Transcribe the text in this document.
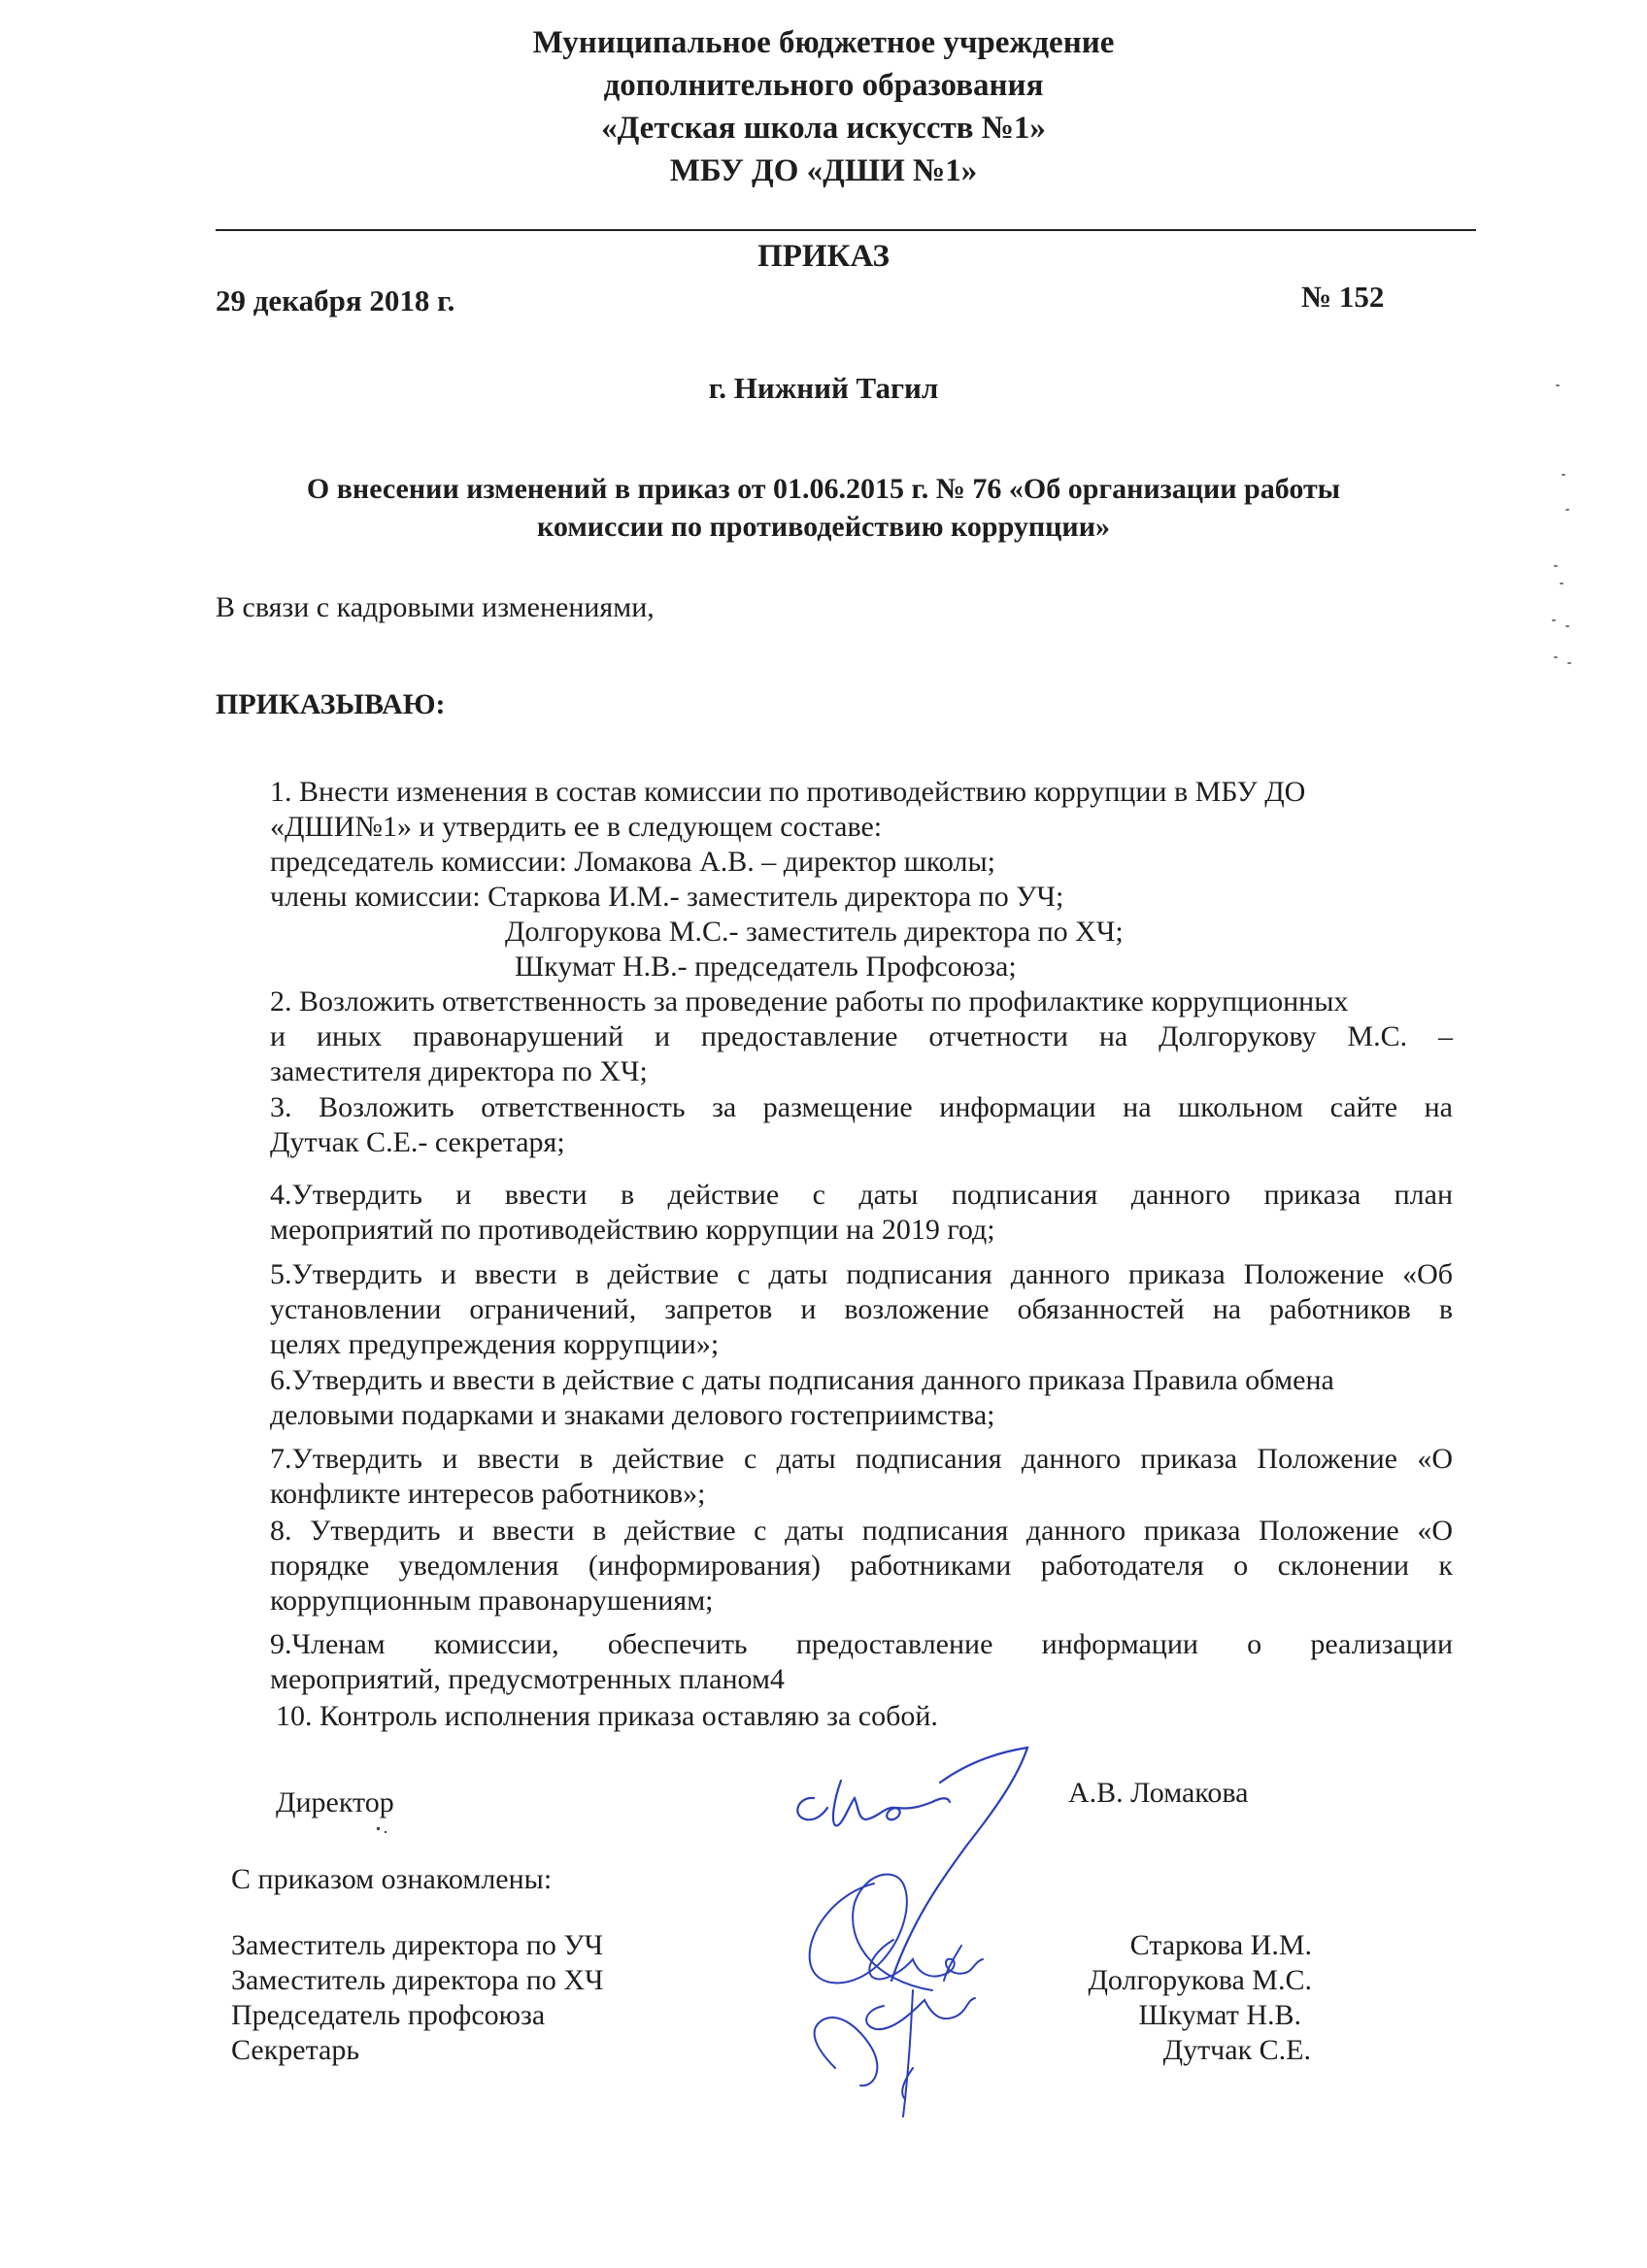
Муниципальное бюджетное учреждение
дополнительного образования
«Детская школа искусств №1»
МБУ ДО «ДШИ №1»
ПРИКАЗ
29 декабря 2018 г.	№ 152
г. Нижний Тагил
О внесении изменений в приказ от 01.06.2015 г. № 76 «Об организации работы
комиссии по противодействию коррупции»
В связи с кадровыми изменениями,
ПРИКАЗЫВАЮ:
1. Внести изменения в состав комиссии по противодействию коррупции в МБУ ДО
«ДШИ№1» и утвердить ее в следующем составе:
председатель комиссии: Ломакова А.В. – директор школы;
члены комиссии: Старкова И.М.- заместитель директора по УЧ;
Долгорукова М.С.- заместитель директора по ХЧ;
Шкумат Н.В.- председатель Профсоюза;
2. Возложить ответственность за проведение работы по профилактике коррупционных
и иных правонарушений и предоставление отчетности на Долгорукову М.С. –
заместителя директора по ХЧ;
3. Возложить ответственность за размещение информации на школьном сайте на
Дутчак С.Е.- секретаря;
4.Утвердить и ввести в действие с даты подписания данного приказа план
мероприятий по противодействию коррупции на 2019 год;
5.Утвердить и ввести в действие с даты подписания данного приказа Положение «Об
установлении ограничений, запретов и возложение обязанностей на работников в
целях предупреждения коррупции»;
6.Утвердить и ввести в действие с даты подписания данного приказа Правила обмена
деловыми подарками и знаками делового гостеприимства;
7.Утвердить и ввести в действие с даты подписания данного приказа Положение «О
конфликте интересов работников»;
8. Утвердить и ввести в действие с даты подписания данного приказа Положение «О
порядке уведомления (информирования) работниками работодателя о склонении к
коррупционным правонарушениям;
9.Членам комиссии, обеспечить предоставление информации о реализации
мероприятий, предусмотренных планом4
10. Контроль исполнения приказа оставляю за собой.
Директор	А.В. Ломакова
С приказом ознакомлены:
Заместитель директора по УЧ
Заместитель директора по ХЧ
Председатель профсоюза
Секретарь
Старкова И.М.
Долгорукова М.С.
Шкумат Н.В.
Дутчак С.Е.
